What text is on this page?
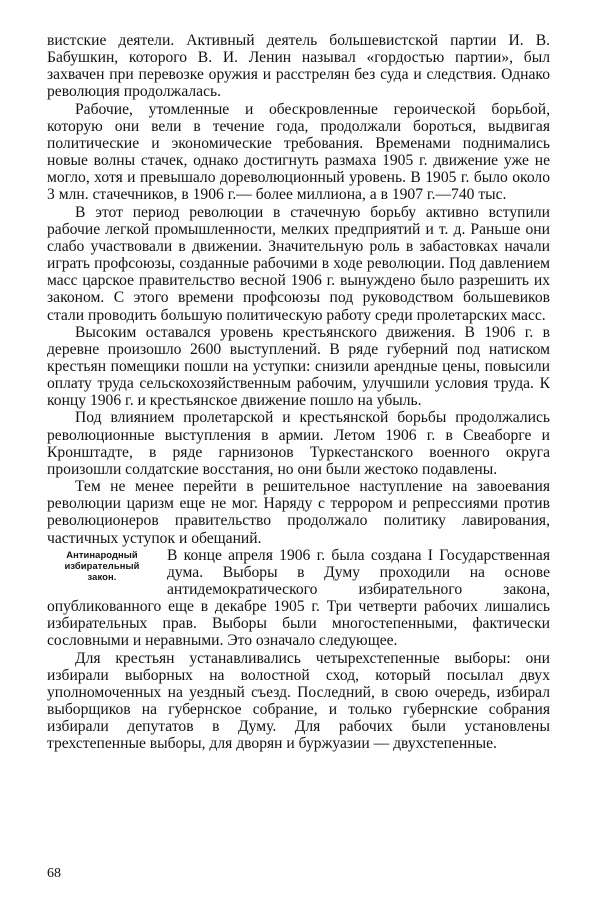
вистские деятели. Активный деятель большевистской партии И. В. Бабушкин, которого В. И. Ленин называл «гордостью партии», был захвачен при перевозке оружия и расстрелян без суда и следствия. Однако революция продолжалась.

Рабочие, утомленные и обескровленные героической борьбой, которую они вели в течение года, продолжали бороться, выдвигая политические и экономические требования. Временами поднимались новые волны стачек, однако достигнуть размаха 1905 г. движение уже не могло, хотя и превышало дореволюционный уровень. В 1905 г. было около 3 млн. стачечников, в 1906 г.— более миллиона, а в 1907 г.—740 тыс.

В этот период революции в стачечную борьбу активно вступили рабочие легкой промышленности, мелких предприятий и т. д. Раньше они слабо участвовали в движении. Значительную роль в забастовках начали играть профсоюзы, созданные рабочими в ходе революции. Под давлением масс царское правительство весной 1906 г. вынуждено было разрешить их законом. С этого времени профсоюзы под руководством большевиков стали проводить большую политическую работу среди пролетарских масс.

Высоким оставался уровень крестьянского движения. В 1906 г. в деревне произошло 2600 выступлений. В ряде губерний под натиском крестьян помещики пошли на уступки: снизили арендные цены, повысили оплату труда сельскохозяйственным рабочим, улучшили условия труда. К концу 1906 г. и крестьянское движение пошло на убыль.

Под влиянием пролетарской и крестьянской борьбы продолжались революционные выступления в армии. Летом 1906 г. в Свеаборге и Кронштадте, в ряде гарнизонов Туркестанского военного округа произошли солдатские восстания, но они были жестоко подавлены.

Тем не менее перейти в решительное наступление на завоевания революции царизм еще не мог. Наряду с террором и репрессиями против революционеров правительство продолжало политику лавирования, частичных уступок и обещаний.

Антинародный
избирательный
закон.

В конце апреля 1906 г. была создана I Государственная дума. Выборы в Думу проходили на основе антидемократического избирательного закона, опубликованного еще в декабре 1905 г. Три четверти рабочих лишались избирательных прав. Выборы были многостепенными, фактически сословными и неравными. Это означало следующее.

Для крестьян устанавливались четырехстепенные выборы: они избирали выборных на волостной сход, который посылал двух уполномоченных на уездный съезд. Последний, в свою очередь, избирал выборщиков на губернское собрание, и только губернские собрания избирали депутатов в Думу. Для рабочих были установлены трехстепенные выборы, для дворян и буржуазии — двухстепенные.

68
